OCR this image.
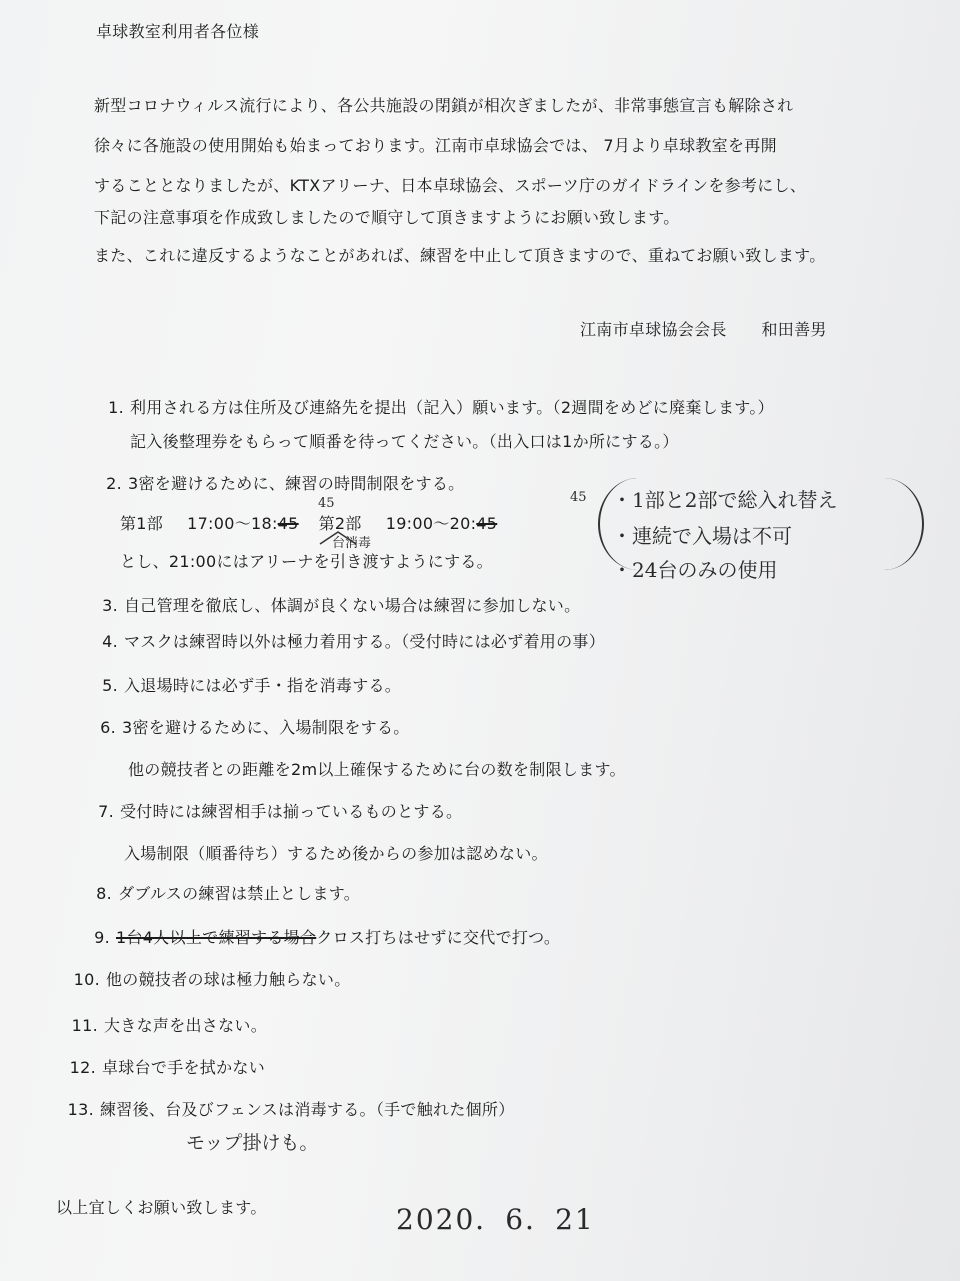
卓球教室利用者各位様
新型コロナウィルス流行により、各公共施設の閉鎖が相次ぎましたが、非常事態宣言も解除され
徐々に各施設の使用開始も始まっております。江南市卓球協会では、 7月より卓球教室を再開
することとなりましたが、KTXアリーナ、日本卓球協会、スポーツ庁のガイドラインを参考にし、
下記の注意事項を作成致しましたので順守して頂きますようにお願い致します。
また、これに違反するようなことがあれば、練習を中止して頂きますので、重ねてお願い致します。
江南市卓球協会会長 和田善男
1. 利用される方は住所及び連絡先を提出（記入）願います。（2週間をめどに廃棄します。）
記入後整理券をもらって順番を待ってください。（出入口は1か所にする。）
2. 3密を避けるために、練習の時間制限をする。
第1部 17:00〜18:45 第2部 19:00〜20:45
とし、21:00にはアリーナを引き渡すようにする。
45	45
台消毒
・1部と2部で総入れ替え
・連続で入場は不可
・24台のみの使用
3. 自己管理を徹底し、体調が良くない場合は練習に参加しない。
4. マスクは練習時以外は極力着用する。（受付時には必ず着用の事）
5. 入退場時には必ず手・指を消毒する。
6. 3密を避けるために、入場制限をする。
他の競技者との距離を2m以上確保するために台の数を制限します。
7. 受付時には練習相手は揃っているものとする。
入場制限（順番待ち）するため後からの参加は認めない。
8. ダブルスの練習は禁止とします。
9. 1台4人以上で練習する場合クロス打ちはせずに交代で打つ。
10. 他の競技者の球は極力触らない。
11. 大きな声を出さない。
12. 卓球台で手を拭かない
13. 練習後、台及びフェンスは消毒する。（手で触れた個所）
モップ掛けも。
以上宜しくお願い致します。	2020．6．21
